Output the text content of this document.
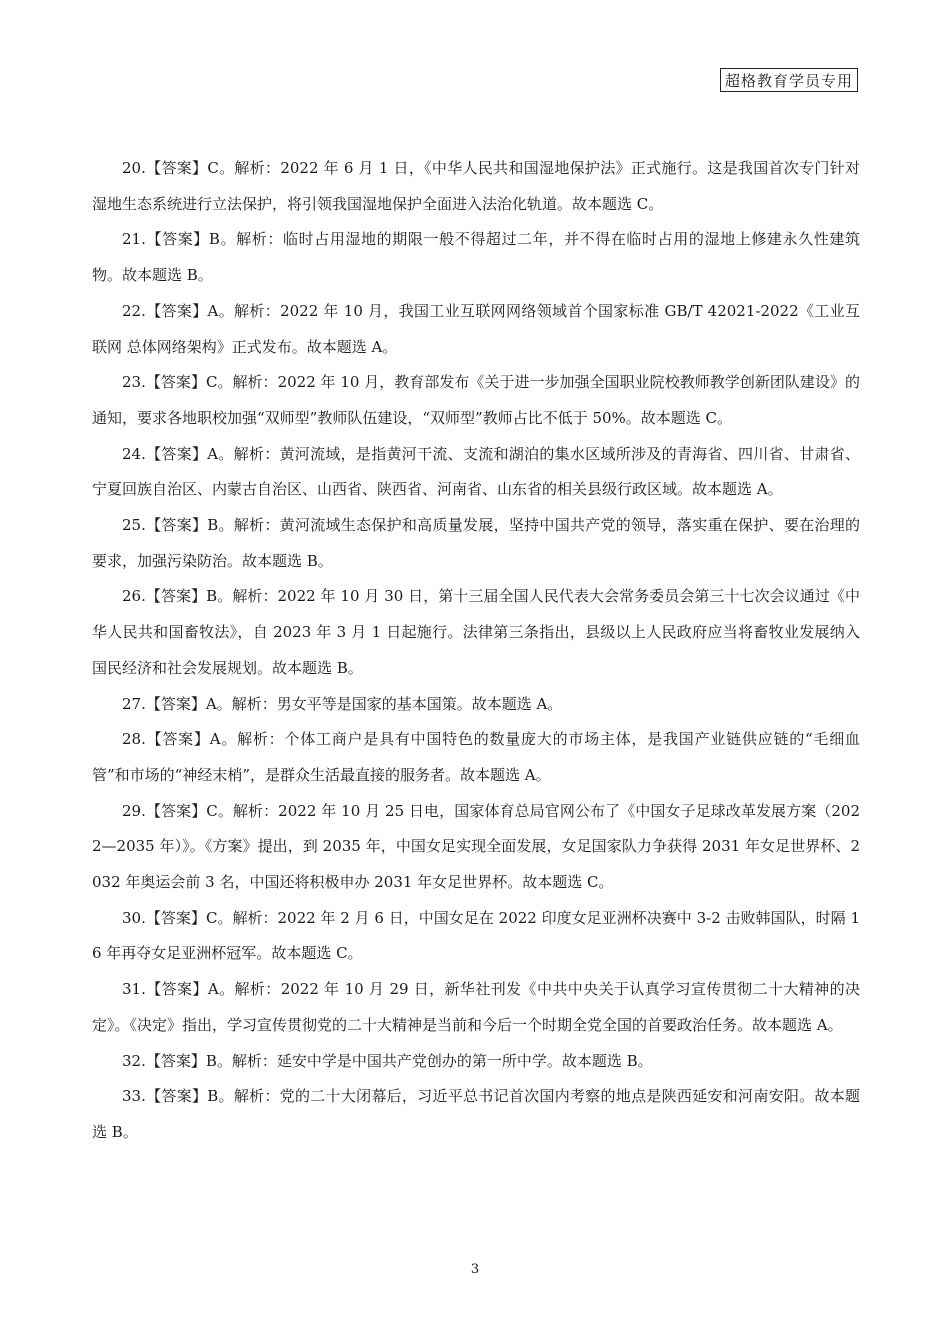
超格教育学员专用

20.【答案】C。解析：2022 年 6 月 1 日，《中华人民共和国湿地保护法》正式施行。这是我国首次专门针对湿地生态系统进行立法保护，将引领我国湿地保护全面进入法治化轨道。故本题选 C。

21.【答案】B。解析：临时占用湿地的期限一般不得超过二年，并不得在临时占用的湿地上修建永久性建筑物。故本题选 B。

22.【答案】A。解析：2022 年 10 月，我国工业互联网网络领域首个国家标准 GB/T 42021-2022《工业互联网 总体网络架构》正式发布。故本题选 A。

23.【答案】C。解析：2022 年 10 月，教育部发布《关于进一步加强全国职业院校教师教学创新团队建设》的通知，要求各地职校加强“双师型”教师队伍建设，“双师型”教师占比不低于 50%。故本题选 C。

24.【答案】A。解析：黄河流域，是指黄河干流、支流和湖泊的集水区域所涉及的青海省、四川省、甘肃省、宁夏回族自治区、内蒙古自治区、山西省、陕西省、河南省、山东省的相关县级行政区域。故本题选 A。

25.【答案】B。解析：黄河流域生态保护和高质量发展，坚持中国共产党的领导，落实重在保护、要在治理的要求，加强污染防治。故本题选 B。

26.【答案】B。解析：2022 年 10 月 30 日，第十三届全国人民代表大会常务委员会第三十七次会议通过《中华人民共和国畜牧法》，自 2023 年 3 月 1 日起施行。法律第三条指出，县级以上人民政府应当将畜牧业发展纳入国民经济和社会发展规划。故本题选 B。

27.【答案】A。解析：男女平等是国家的基本国策。故本题选 A。

28.【答案】A。解析：个体工商户是具有中国特色的数量庞大的市场主体，是我国产业链供应链的“毛细血管”和市场的“神经末梢”，是群众生活最直接的服务者。故本题选 A。

29.【答案】C。解析：2022 年 10 月 25 日电，国家体育总局官网公布了《中国女子足球改革发展方案（2022—2035 年）》。《方案》提出，到 2035 年，中国女足实现全面发展，女足国家队力争获得 2031 年女足世界杯、2032 年奥运会前 3 名，中国还将积极申办 2031 年女足世界杯。故本题选 C。

30.【答案】C。解析：2022 年 2 月 6 日，中国女足在 2022 印度女足亚洲杯决赛中 3-2 击败韩国队，时隔 16 年再夺女足亚洲杯冠军。故本题选 C。

31.【答案】A。解析：2022 年 10 月 29 日，新华社刊发《中共中央关于认真学习宣传贯彻二十大精神的决定》。《决定》指出，学习宣传贯彻党的二十大精神是当前和今后一个时期全党全国的首要政治任务。故本题选 A。

32.【答案】B。解析：延安中学是中国共产党创办的第一所中学。故本题选 B。

33.【答案】B。解析：党的二十大闭幕后，习近平总书记首次国内考察的地点是陕西延安和河南安阳。故本题选 B。

3
